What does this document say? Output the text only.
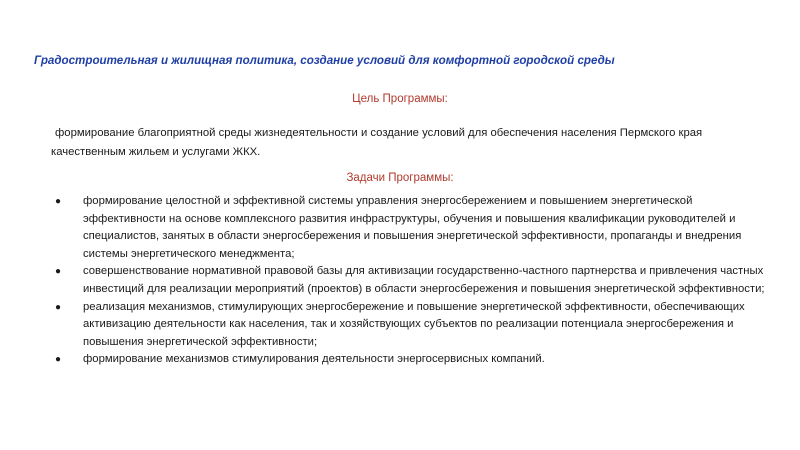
Градостроительная и жилищная политика, создание условий для комфортной городской среды
Цель Программы:
формирование благоприятной среды жизнедеятельности и создание условий для обеспечения населения Пермского края качественным жильем и услугами ЖКХ.
Задачи Программы:
● формирование целостной и эффективной системы управления энергосбережением и повышением энергетической эффективности на основе комплексного развития инфраструктуры, обучения и повышения квалификации руководителей и специалистов, занятых в области энергосбережения и повышения энергетической эффективности, пропаганды и внедрения системы энергетического менеджмента;
● совершенствование нормативной правовой базы для активизации государственно-частного партнерства и привлечения частных инвестиций для реализации мероприятий (проектов) в области энергосбережения и повышения энергетической эффективности;
● реализация механизмов, стимулирующих энергосбережение и повышение энергетической эффективности, обеспечивающих активизацию деятельности как населения, так и хозяйствующих субъектов по реализации потенциала энергосбережения и повышения энергетической эффективности;
● формирование механизмов стимулирования деятельности энергосервисных компаний.
